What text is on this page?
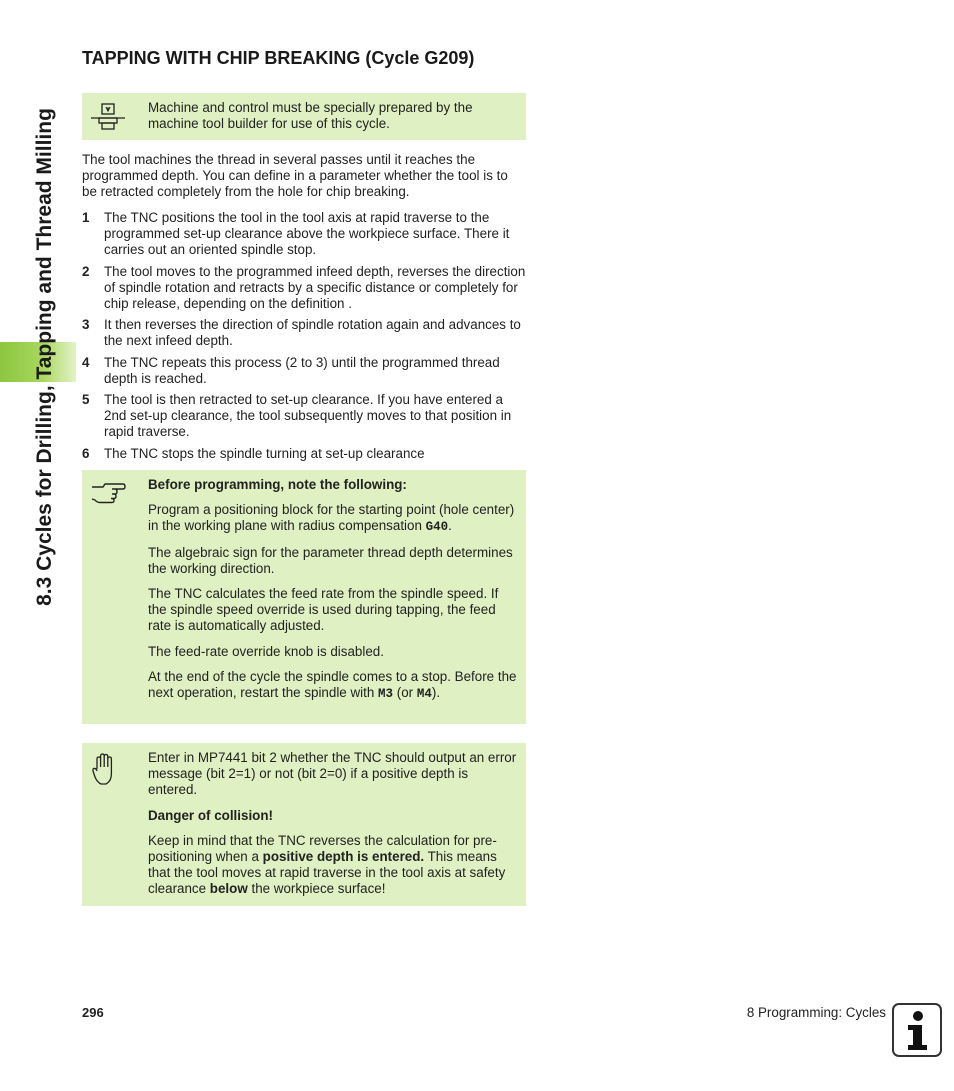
8.3 Cycles for Drilling, Tapping and Thread Milling
TAPPING WITH CHIP BREAKING (Cycle G209)

Machine and control must be specially prepared by the machine tool builder for use of this cycle.

The tool machines the thread in several passes until it reaches the programmed depth. You can define in a parameter whether the tool is to be retracted completely from the hole for chip breaking.

1	The TNC positions the tool in the tool axis at rapid traverse to the programmed set-up clearance above the workpiece surface. There it carries out an oriented spindle stop.
2	The tool moves to the programmed infeed depth, reverses the direction of spindle rotation and retracts by a specific distance or completely for chip release, depending on the definition .
3	It then reverses the direction of spindle rotation again and advances to the next infeed depth.
4	The TNC repeats this process (2 to 3) until the programmed thread depth is reached.
5	The tool is then retracted to set-up clearance. If you have entered a 2nd set-up clearance, the tool subsequently moves to that position in rapid traverse.
6	The TNC stops the spindle turning at set-up clearance

Before programming, note the following:

Program a positioning block for the starting point (hole center) in the working plane with radius compensation G40.

The algebraic sign for the parameter thread depth determines the working direction.

The TNC calculates the feed rate from the spindle speed. If the spindle speed override is used during tapping, the feed rate is automatically adjusted.

The feed-rate override knob is disabled.

At the end of the cycle the spindle comes to a stop. Before the next operation, restart the spindle with M3 (or M4).

Enter in MP7441 bit 2 whether the TNC should output an error message (bit 2=1) or not (bit 2=0) if a positive depth is entered.

Danger of collision!

Keep in mind that the TNC reverses the calculation for pre-positioning when a positive depth is entered. This means that the tool moves at rapid traverse in the tool axis at safety clearance below the workpiece surface!

296	8 Programming: Cycles
